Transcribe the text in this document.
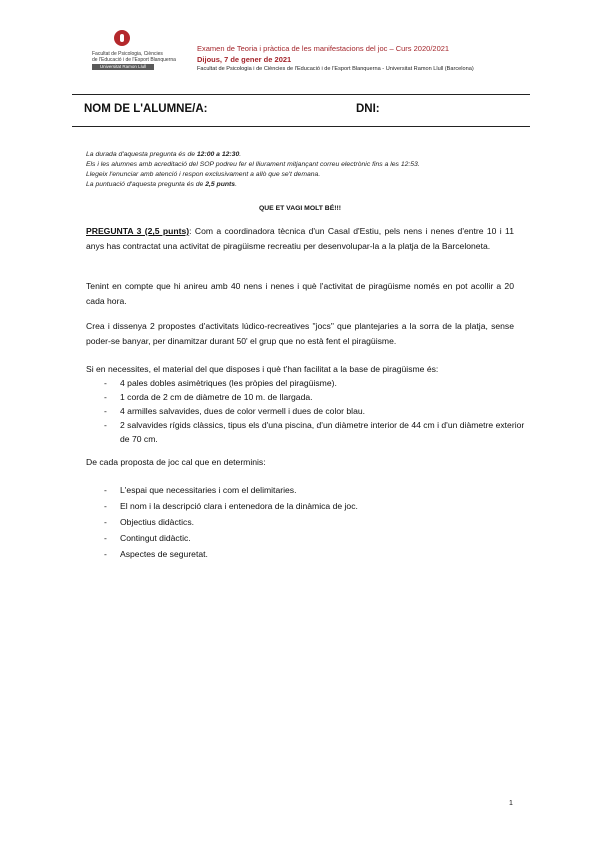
Facultat de Psicologia, Ciències
de l'Educació i de l'Esport Blanquerna
Universitat Ramon Llull
Examen de Teoria i pràctica de les manifestacions del joc – Curs 2020/2021
Dijous, 7 de gener de 2021
Facultat de Psicologia i de Ciències de l'Educació i de l'Esport Blanquerna - Universitat Ramon Llull (Barcelona)
NOM DE L'ALUMNE/A:	DNI:
La durada d'aquesta pregunta és de 12:00 a 12:30.
Els i les alumnes amb acreditació del SOP podreu fer el lliurament mitjançant correu electrònic fins a les 12:53.
Llegeix l'enunciar amb atenció i respon exclusivament a allò que se't demana.
La puntuació d'aquesta pregunta és de 2,5 punts.
QUE ET VAGI MOLT BÉ!!!
PREGUNTA 3 (2,5 punts): Com a coordinadora tècnica d'un Casal d'Estiu, pels nens i nenes d'entre 10 i 11 anys has contractat una activitat de piragüisme recreatiu per desenvolupar-la a la platja de la Barceloneta.
Tenint en compte que hi anireu amb 40 nens i nenes i què l'activitat de piragüisme només en pot acollir a 20 cada hora.
Crea i dissenya 2 propostes d'activitats lúdico-recreatives "jocs" que plantejaries a la sorra de la platja, sense poder-se banyar, per dinamitzar durant 50' el grup que no està fent el piragüisme.
Si en necessites, el material del que disposes i què t'han facilitat a la base de piragüisme és:
- 4 pales dobles asimètriques (les pròpies del piragüisme).
- 1 corda de 2 cm de diàmetre de 10 m. de llargada.
- 4 armilles salvavides, dues de color vermell i dues de color blau.
- 2 salvavides rígids clàssics, tipus els d'una piscina, d'un diàmetre interior de 44 cm i d'un diàmetre exterior de 70 cm.
De cada proposta de joc cal que en determinis:
- L'espai que necessitaries i com el delimitaries.
- El nom i la descripció clara i entenedora de la dinàmica de joc.
- Objectius didàctics.
- Contingut didàctic.
- Aspectes de seguretat.
1
